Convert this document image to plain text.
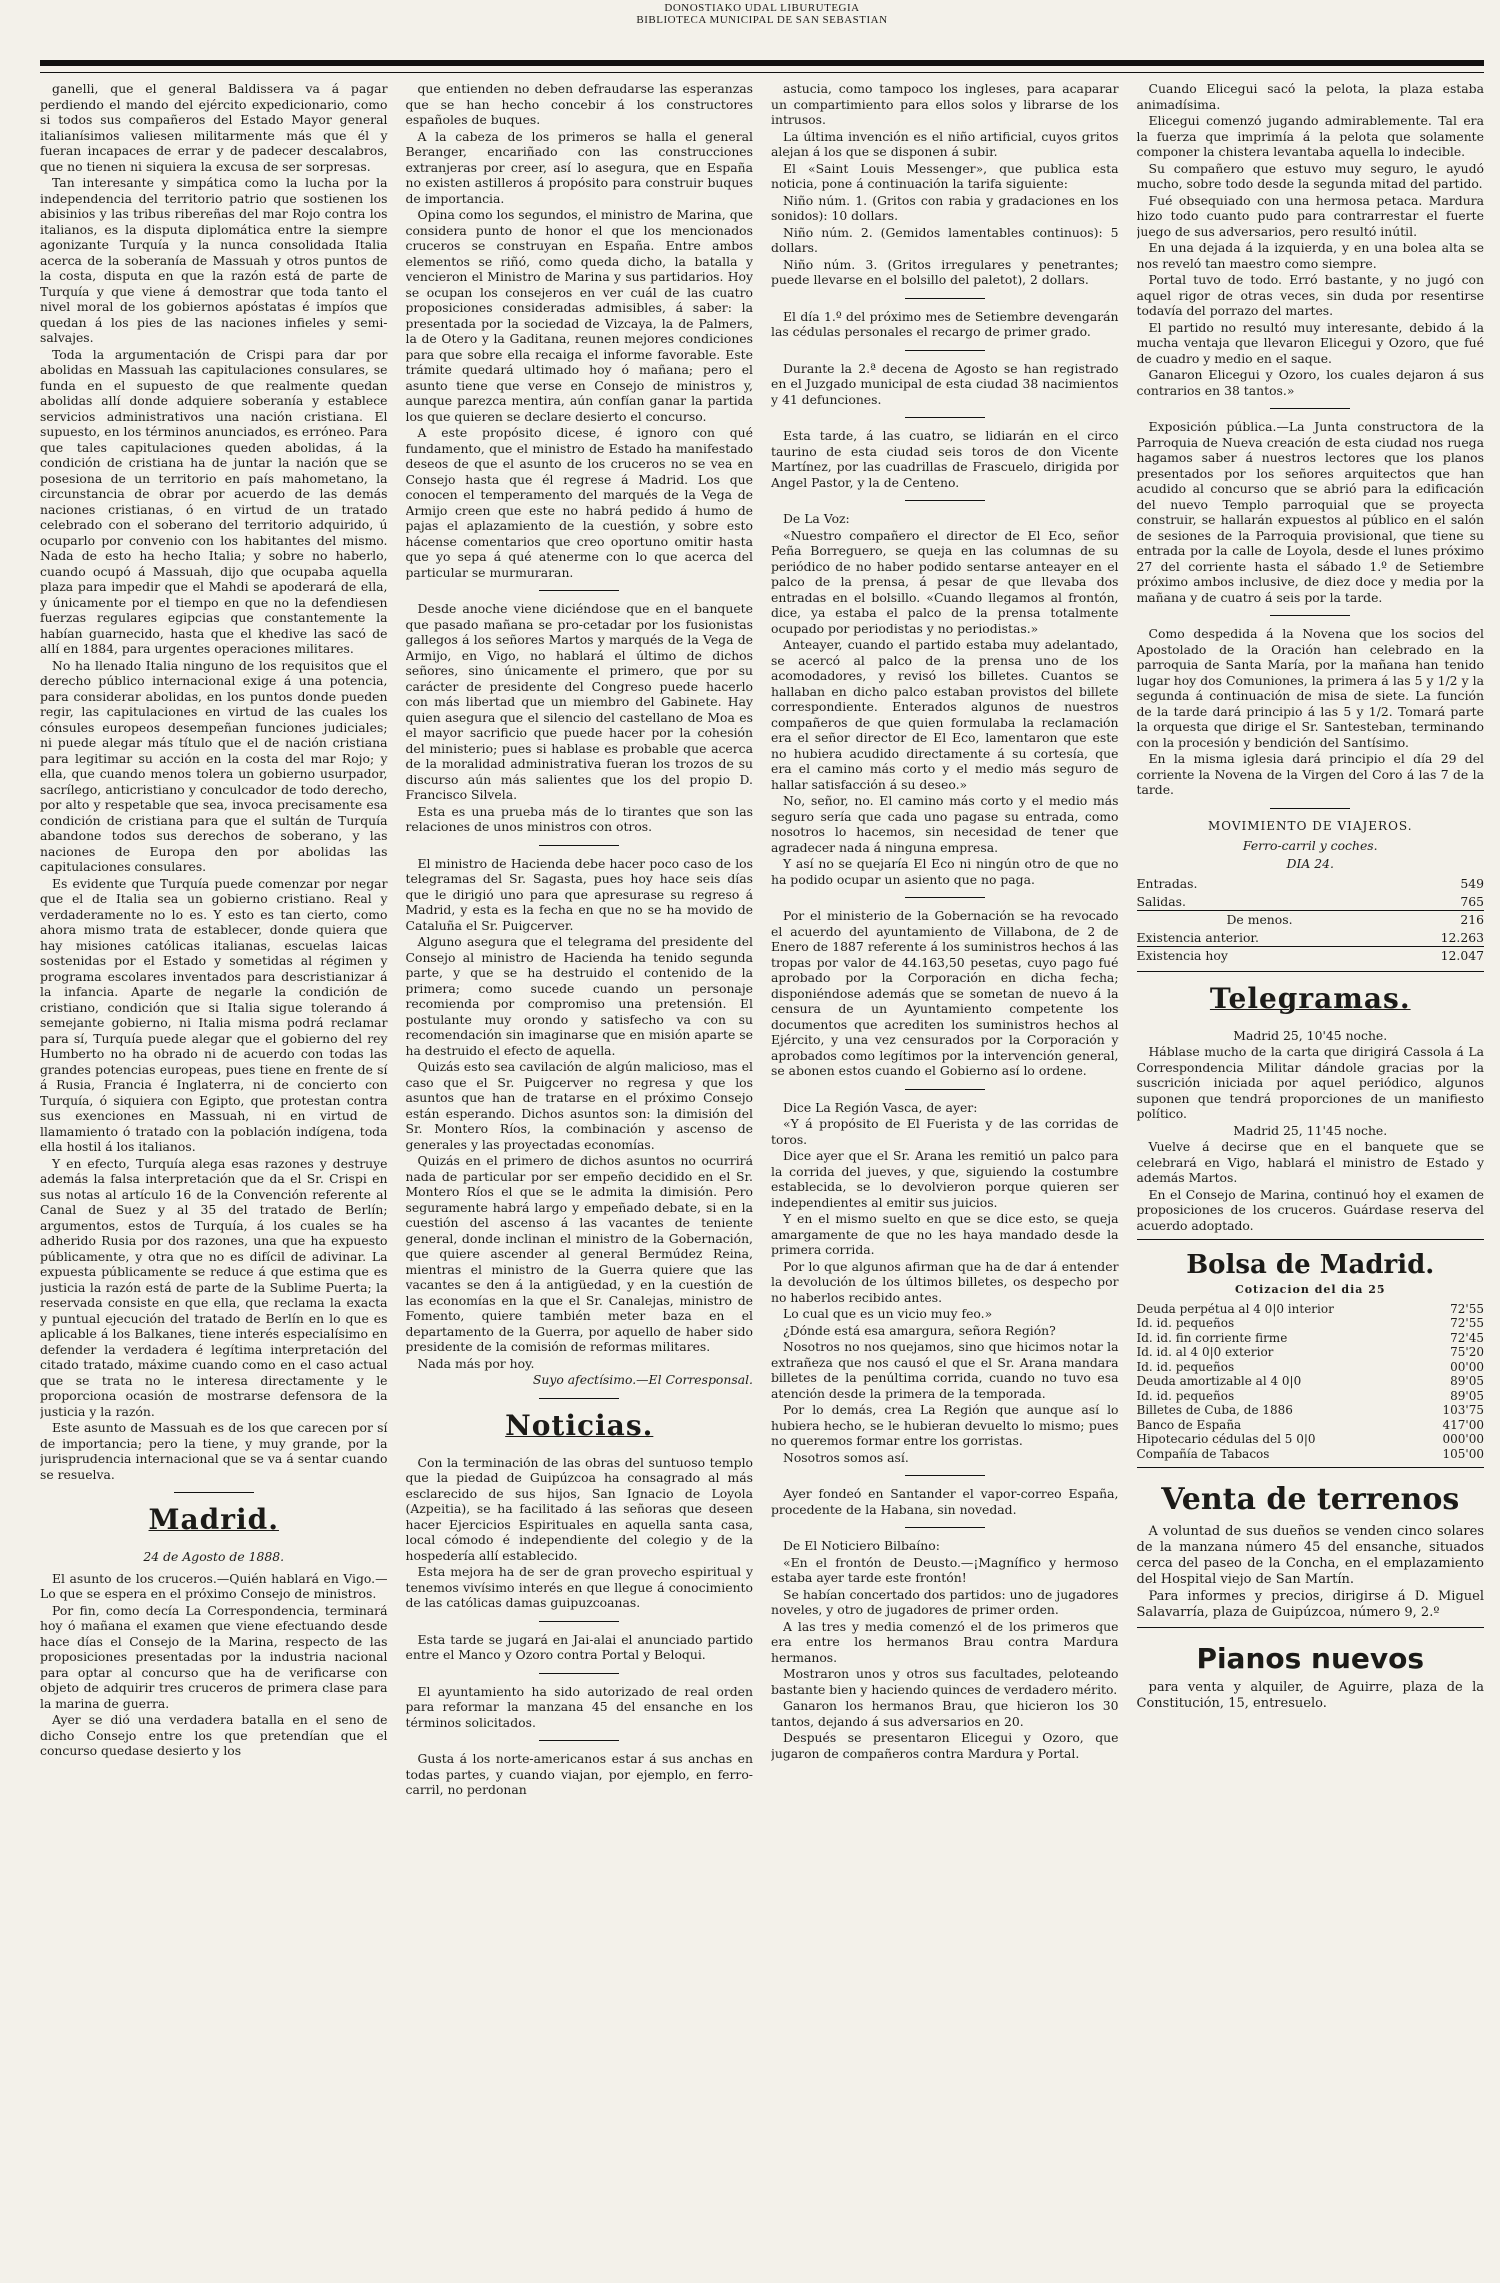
DONOSTIAKO UDAL LIBURUTEGIA
BIBLIOTECA MUNICIPAL DE SAN SEBASTIAN

ganelli, que el general Baldissera va á pagar perdiendo el mando del ejército expedicionario, como si todos sus compañeros del Estado Mayor general italianísimos valiesen militarmente más que él y fueran incapaces de errar y de padecer descalabros, que no tienen ni siquiera la excusa de ser sorpresas.

Tan interesante y simpática como la lucha por la independencia del territorio patrio que sostienen los abisinios y las tribus ribereñas del mar Rojo contra los italianos, es la disputa diplomática entre la siempre agonizante Turquía y la nunca consolidada Italia acerca de la soberanía de Massuah y otros puntos de la costa, disputa en que la razón está de parte de Turquía y que viene á demostrar que toda tanto el nivel moral de los gobiernos apóstatas é impíos que quedan á los pies de las naciones infieles y semi-salvajes.

Toda la argumentación de Crispi para dar por abolidas en Massuah las capitulaciones consulares, se funda en el supuesto de que realmente quedan abolidas allí donde adquiere soberanía y establece servicios administrativos una nación cristiana. El supuesto, en los términos anunciados, es erróneo. Para que tales capitulaciones queden abolidas, á la condición de cristiana ha de juntar la nación que se posesiona de un territorio en país mahometano, la circunstancia de obrar por acuerdo de las demás naciones cristianas, ó en virtud de un tratado celebrado con el soberano del territorio adquirido, ú ocuparlo por convenio con los habitantes del mismo. Nada de esto ha hecho Italia; y sobre no haberlo, cuando ocupó á Massuah, dijo que ocupaba aquella plaza para impedir que el Mahdi se apoderará de ella, y únicamente por el tiempo en que no la defendiesen fuerzas regulares egipcias que constantemente la habían guarnecido, hasta que el khedive las sacó de allí en 1884, para urgentes operaciones militares.

No ha llenado Italia ninguno de los requisitos que el derecho público internacional exige á una potencia, para considerar abolidas, en los puntos donde pueden regir, las capitulaciones en virtud de las cuales los cónsules europeos desempeñan funciones judiciales; ni puede alegar más título que el de nación cristiana para legitimar su acción en la costa del mar Rojo; y ella, que cuando menos tolera un gobierno usurpador, sacrílego, anticristiano y conculcador de todo derecho, por alto y respetable que sea, invoca precisamente esa condición de cristiana para que el sultán de Turquía abandone todos sus derechos de soberano, y las naciones de Europa den por abolidas las capitulaciones consulares.

Es evidente que Turquía puede comenzar por negar que el de Italia sea un gobierno cristiano. Real y verdaderamente no lo es. Y esto es tan cierto, como ahora mismo trata de establecer, donde quiera que hay misiones católicas italianas, escuelas laicas sostenidas por el Estado y sometidas al régimen y programa escolares inventados para descristianizar á la infancia. Aparte de negarle la condición de cristiano, condición que si Italia sigue tolerando á semejante gobierno, ni Italia misma podrá reclamar para sí, Turquía puede alegar que el gobierno del rey Humberto no ha obrado ni de acuerdo con todas las grandes potencias europeas, pues tiene en frente de sí á Rusia, Francia é Inglaterra, ni de concierto con Turquía, ó siquiera con Egipto, que protestan contra sus exenciones en Massuah, ni en virtud de llamamiento ó tratado con la población indígena, toda ella hostil á los italianos.

Y en efecto, Turquía alega esas razones y destruye además la falsa interpretación que da el Sr. Crispi en sus notas al artículo 16 de la Convención referente al Canal de Suez y al 35 del tratado de Berlín; argumentos, estos de Turquía, á los cuales se ha adherido Rusia por dos razones, una que ha expuesto públicamente, y otra que no es difícil de adivinar. La expuesta públicamente se reduce á que estima que es justicia la razón está de parte de la Sublime Puerta; la reservada consiste en que ella, que reclama la exacta y puntual ejecución del tratado de Berlín en lo que es aplicable á los Balkanes, tiene interés especialísimo en defender la verdadera é legítima interpretación del citado tratado, máxime cuando como en el caso actual que se trata no le interesa directamente y le proporciona ocasión de mostrarse defensora de la justicia y la razón.

Este asunto de Massuah es de los que carecen por sí de importancia; pero la tiene, y muy grande, por la jurisprudencia internacional que se va á sentar cuando se resuelva.

Madrid.
24 de Agosto de 1888.

El asunto de los cruceros.—Quién hablará en Vigo.—Lo que se espera en el próximo Consejo de ministros.

Por fin, como decía La Correspondencia, terminará hoy ó mañana el examen que viene efectuando desde hace días el Consejo de la Marina, respecto de las proposiciones presentadas por la industria nacional para optar al concurso que ha de verificarse con objeto de adquirir tres cruceros de primera clase para la marina de guerra.

Ayer se dió una verdadera batalla en el seno de dicho Consejo entre los que pretendían que el concurso quedase desierto y los

que entienden no deben defraudarse las esperanzas que se han hecho concebir á los constructores españoles de buques.

A la cabeza de los primeros se halla el general Beranger, encariñado con las construcciones extranjeras por creer, así lo asegura, que en España no existen astilleros á propósito para construir buques de importancia.

Opina como los segundos, el ministro de Marina, que considera punto de honor el que los mencionados cruceros se construyan en España. Entre ambos elementos se riñó, como queda dicho, la batalla y vencieron el Ministro de Marina y sus partidarios. Hoy se ocupan los consejeros en ver cuál de las cuatro proposiciones consideradas admisibles, á saber: la presentada por la sociedad de Vizcaya, la de Palmers, la de Otero y la Gaditana, reunen mejores condiciones para que sobre ella recaiga el informe favorable. Este trámite quedará ultimado hoy ó mañana; pero el asunto tiene que verse en Consejo de ministros y, aunque parezca mentira, aún confían ganar la partida los que quieren se declare desierto el concurso.

A este propósito dicese, é ignoro con qué fundamento, que el ministro de Estado ha manifestado deseos de que el asunto de los cruceros no se vea en Consejo hasta que él regrese á Madrid. Los que conocen el temperamento del marqués de la Vega de Armijo creen que este no habrá pedido á humo de pajas el aplazamiento de la cuestión, y sobre esto hácense comentarios que creo oportuno omitir hasta que yo sepa á qué atenerme con lo que acerca del particular se murmuraran.

Desde anoche viene diciéndose que en el banquete que pasado mañana se pro-cetadar por los fusionistas gallegos á los señores Martos y marqués de la Vega de Armijo, en Vigo, no hablará el último de dichos señores, sino únicamente el primero, que por su carácter de presidente del Congreso puede hacerlo con más libertad que un miembro del Gabinete. Hay quien asegura que el silencio del castellano de Moa es el mayor sacrificio que puede hacer por la cohesión del ministerio; pues si hablase es probable que acerca de la moralidad administrativa fueran los trozos de su discurso aún más salientes que los del propio D. Francisco Silvela.

Esta es una prueba más de lo tirantes que son las relaciones de unos ministros con otros.

El ministro de Hacienda debe hacer poco caso de los telegramas del Sr. Sagasta, pues hoy hace seis días que le dirigió uno para que apresurase su regreso á Madrid, y esta es la fecha en que no se ha movido de Cataluña el Sr. Puigcerver.

Alguno asegura que el telegrama del presidente del Consejo al ministro de Hacienda ha tenido segunda parte, y que se ha destruido el contenido de la primera; como sucede cuando un personaje recomienda por compromiso una pretensión. El postulante muy orondo y satisfecho va con su recomendación sin imaginarse que en misión aparte se ha destruido el efecto de aquella.

Quizás esto sea cavilación de algún malicioso, mas el caso que el Sr. Puigcerver no regresa y que los asuntos que han de tratarse en el próximo Consejo están esperando. Dichos asuntos son: la dimisión del Sr. Montero Ríos, la combinación y ascenso de generales y las proyectadas economías.

Quizás en el primero de dichos asuntos no ocurrirá nada de particular por ser empeño decidido en el Sr. Montero Ríos el que se le admita la dimisión. Pero seguramente habrá largo y empeñado debate, si en la cuestión del ascenso á las vacantes de teniente general, donde inclinan el ministro de la Gobernación, que quiere ascender al general Bermúdez Reina, mientras el ministro de la Guerra quiere que las vacantes se den á la antigüedad, y en la cuestión de las economías en la que el Sr. Canalejas, ministro de Fomento, quiere también meter baza en el departamento de la Guerra, por aquello de haber sido presidente de la comisión de reformas militares.

Nada más por hoy.

Suyo afectísimo.—El Corresponsal.

Noticias.

Con la terminación de las obras del suntuoso templo que la piedad de Guipúzcoa ha consagrado al más esclarecido de sus hijos, San Ignacio de Loyola (Azpeitia), se ha facilitado á las señoras que deseen hacer Ejercicios Espirituales en aquella santa casa, local cómodo é independiente del colegio y de la hospedería allí establecido.

Esta mejora ha de ser de gran provecho espiritual y tenemos vivísimo interés en que llegue á conocimiento de las católicas damas guipuzcoanas.

Esta tarde se jugará en Jai-alai el anunciado partido entre el Manco y Ozoro contra Portal y Beloqui.

El ayuntamiento ha sido autorizado de real orden para reformar la manzana 45 del ensanche en los términos solicitados.

Gusta á los norte-americanos estar á sus anchas en todas partes, y cuando viajan, por ejemplo, en ferro-carril, no perdonan

astucia, como tampoco los ingleses, para acaparar un compartimiento para ellos solos y librarse de los intrusos.

La última invención es el niño artificial, cuyos gritos alejan á los que se disponen á subir.

El «Saint Louis Messenger», que publica esta noticia, pone á continuación la tarifa siguiente:

Niño núm. 1. (Gritos con rabia y gradaciones en los sonidos): 10 dollars.

Niño núm. 2. (Gemidos lamentables continuos): 5 dollars.

Niño núm. 3. (Gritos irregulares y penetrantes; puede llevarse en el bolsillo del paletot), 2 dollars.

El día 1.º del próximo mes de Setiembre devengarán las cédulas personales el recargo de primer grado.

Durante la 2.ª decena de Agosto se han registrado en el Juzgado municipal de esta ciudad 38 nacimientos y 41 defunciones.

Esta tarde, á las cuatro, se lidiarán en el circo taurino de esta ciudad seis toros de don Vicente Martínez, por las cuadrillas de Frascuelo, dirigida por Angel Pastor, y la de Centeno.

De La Voz:

«Nuestro compañero el director de El Eco, señor Peña Borreguero, se queja en las columnas de su periódico de no haber podido sentarse anteayer en el palco de la prensa, á pesar de que llevaba dos entradas en el bolsillo. «Cuando llegamos al frontón, dice, ya estaba el palco de la prensa totalmente ocupado por periodistas y no periodistas.»

Anteayer, cuando el partido estaba muy adelantado, se acercó al palco de la prensa uno de los acomodadores, y revisó los billetes. Cuantos se hallaban en dicho palco estaban provistos del billete correspondiente. Enterados algunos de nuestros compañeros de que quien formulaba la reclamación era el señor director de El Eco, lamentaron que este no hubiera acudido directamente á su cortesía, que era el camino más corto y el medio más seguro de hallar satisfacción á su deseo.»

No, señor, no. El camino más corto y el medio más seguro sería que cada uno pagase su entrada, como nosotros lo hacemos, sin necesidad de tener que agradecer nada á ninguna empresa.

Y así no se quejaría El Eco ni ningún otro de que no ha podido ocupar un asiento que no paga.

Por el ministerio de la Gobernación se ha revocado el acuerdo del ayuntamiento de Villabona, de 2 de Enero de 1887 referente á los suministros hechos á las tropas por valor de 44.163,50 pesetas, cuyo pago fué aprobado por la Corporación en dicha fecha; disponiéndose además que se sometan de nuevo á la censura de un Ayuntamiento competente los documentos que acrediten los suministros hechos al Ejército, y una vez censurados por la Corporación y aprobados como legítimos por la intervención general, se abonen estos cuando el Gobierno así lo ordene.

Dice La Región Vasca, de ayer:

«Y á propósito de El Fuerista y de las corridas de toros.

Dice ayer que el Sr. Arana les remitió un palco para la corrida del jueves, y que, siguiendo la costumbre establecida, se lo devolvieron porque quieren ser independientes al emitir sus juicios.

Y en el mismo suelto en que se dice esto, se queja amargamente de que no les haya mandado desde la primera corrida.

Por lo que algunos afirman que ha de dar á entender la devolución de los últimos billetes, os despecho por no haberlos recibido antes.

Lo cual que es un vicio muy feo.»

¿Dónde está esa amargura, señora Región?

Nosotros no nos quejamos, sino que hicimos notar la extrañeza que nos causó el que el Sr. Arana mandara billetes de la penúltima corrida, cuando no tuvo esa atención desde la primera de la temporada.

Por lo demás, crea La Región que aunque así lo hubiera hecho, se le hubieran devuelto lo mismo; pues no queremos formar entre los gorristas.

Nosotros somos así.

Ayer fondeó en Santander el vapor-correo España, procedente de la Habana, sin novedad.

De El Noticiero Bilbaíno:

«En el frontón de Deusto.—¡Magnífico y hermoso estaba ayer tarde este frontón!

Se habían concertado dos partidos: uno de jugadores noveles, y otro de jugadores de primer orden.

A las tres y media comenzó el de los primeros que era entre los hermanos Brau contra Mardura hermanos.

Mostraron unos y otros sus facultades, peloteando bastante bien y haciendo quinces de verdadero mérito.

Ganaron los hermanos Brau, que hicieron los 30 tantos, dejando á sus adversarios en 20.

Después se presentaron Elicegui y Ozoro, que jugaron de compañeros contra Mardura y Portal.

Cuando Elicegui sacó la pelota, la plaza estaba animadísima.

Elicegui comenzó jugando admirablemente. Tal era la fuerza que imprimía á la pelota que solamente componer la chistera levantaba aquella lo indecible.

Su compañero que estuvo muy seguro, le ayudó mucho, sobre todo desde la segunda mitad del partido.

Fué obsequiado con una hermosa petaca. Mardura hizo todo cuanto pudo para contrarrestar el fuerte juego de sus adversarios, pero resultó inútil.

En una dejada á la izquierda, y en una bolea alta se nos reveló tan maestro como siempre.

Portal tuvo de todo. Erró bastante, y no jugó con aquel rigor de otras veces, sin duda por resentirse todavía del porrazo del martes.

El partido no resultó muy interesante, debido á la mucha ventaja que llevaron Elicegui y Ozoro, que fué de cuadro y medio en el saque.

Ganaron Elicegui y Ozoro, los cuales dejaron á sus contrarios en 38 tantos.»

Exposición pública.—La Junta constructora de la Parroquia de Nueva creación de esta ciudad nos ruega hagamos saber á nuestros lectores que los planos presentados por los señores arquitectos que han acudido al concurso que se abrió para la edificación del nuevo Templo parroquial que se proyecta construir, se hallarán expuestos al público en el salón de sesiones de la Parroquia provisional, que tiene su entrada por la calle de Loyola, desde el lunes próximo 27 del corriente hasta el sábado 1.º de Setiembre próximo ambos inclusive, de diez doce y media por la mañana y de cuatro á seis por la tarde.

Como despedida á la Novena que los socios del Apostolado de la Oración han celebrado en la parroquia de Santa María, por la mañana han tenido lugar hoy dos Comuniones, la primera á las 5 y 1/2 y la segunda á continuación de misa de siete. La función de la tarde dará principio á las 5 y 1/2. Tomará parte la orquesta que dirige el Sr. Santesteban, terminando con la procesión y bendición del Santísimo.

En la misma iglesia dará principio el día 29 del corriente la Novena de la Virgen del Coro á las 7 de la tarde.

MOVIMIENTO DE VIAJEROS.
Ferro-carril y coches.
DIA 24.
Entradas.	549
Salidas.	765
De menos.	216
Existencia anterior.	12.263
Existencia hoy	12.047
Telegramas.

Madrid 25, 10'45 noche.

Háblase mucho de la carta que dirigirá Cassola á La Correspondencia Militar dándole gracias por la suscrición iniciada por aquel periódico, algunos suponen que tendrá proporciones de un manifiesto político.

Madrid 25, 11'45 noche.

Vuelve á decirse que en el banquete que se celebrará en Vigo, hablará el ministro de Estado y además Martos.

En el Consejo de Marina, continuó hoy el examen de proposiciones de los cruceros. Guárdase reserva del acuerdo adoptado.

Bolsa de Madrid.
Cotizacion del dia 25
Deuda perpétua al 4 0|0 interior	72'55
Id. id. pequeños	72'55
Id. id. fin corriente firme	72'45
Id. id. al 4 0|0 exterior	75'20
Id. id. pequeños	00'00
Deuda amortizable al 4 0|0	89'05
Id. id. pequeños	89'05
Billetes de Cuba, de 1886	103'75
Banco de España	417'00
Hipotecario cédulas del 5 0|0	000'00
Compañía de Tabacos	105'00
Venta de terrenos

A voluntad de sus dueños se venden cinco solares de la manzana número 45 del ensanche, situados cerca del paseo de la Concha, en el emplazamiento del Hospital viejo de San Martín.

Para informes y precios, dirigirse á D. Miguel Salavarría, plaza de Guipúzcoa, número 9, 2.º

Pianos nuevos

para venta y alquiler, de Aguirre, plaza de la Constitución, 15, entresuelo.
